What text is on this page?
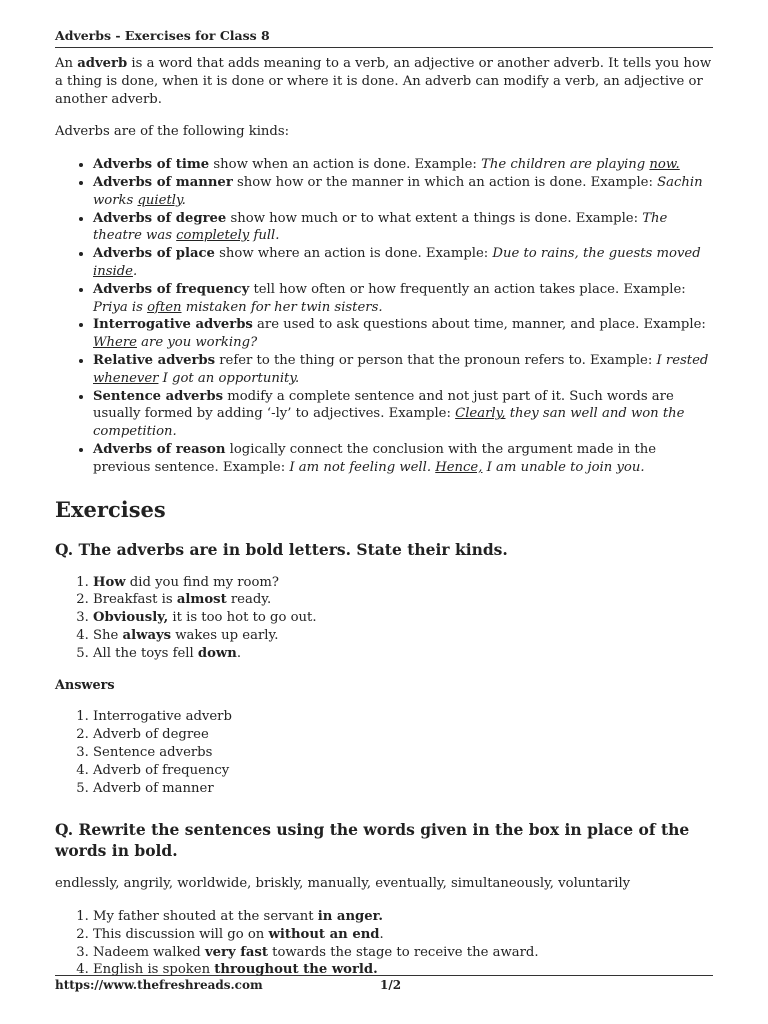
Adverbs - Exercises for Class 8

An adverb is a word that adds meaning to a verb, an adjective or another adverb. It tells you how a thing is done, when it is done or where it is done. An adverb can modify a verb, an adjective or another adverb.

Adverbs are of the following kinds:

• Adverbs of time show when an action is done. Example: The children are playing now.
• Adverbs of manner show how or the manner in which an action is done. Example: Sachin works quietly.
• Adverbs of degree show how much or to what extent a things is done. Example: The theatre was completely full.
• Adverbs of place show where an action is done. Example: Due to rains, the guests moved inside.
• Adverbs of frequency tell how often or how frequently an action takes place. Example: Priya is often mistaken for her twin sisters.
• Interrogative adverbs are used to ask questions about time, manner, and place. Example: Where are you working?
• Relative adverbs refer to the thing or person that the pronoun refers to. Example: I rested whenever I got an opportunity.
• Sentence adverbs modify a complete sentence and not just part of it. Such words are usually formed by adding ‘-ly’ to adjectives. Example: Clearly, they san well and won the competition.
• Adverbs of reason logically connect the conclusion with the argument made in the previous sentence. Example: I am not feeling well. Hence, I am unable to join you.
Exercises
Q. The adverbs are in bold letters. State their kinds.
1. How did you find my room?
2. Breakfast is almost ready.
3. Obviously, it is too hot to go out.
4. She always wakes up early.
5. All the toys fell down.

Answers

1. Interrogative adverb
2. Adverb of degree
3. Sentence adverbs
4. Adverb of frequency
5. Adverb of manner
Q. Rewrite the sentences using the words given in the box in place of the words in bold.

endlessly, angrily, worldwide, briskly, manually, eventually, simultaneously, voluntarily

1. My father shouted at the servant in anger.
2. This discussion will go on without an end.
3. Nadeem walked very fast towards the stage to receive the award.
4. English is spoken throughout the world.
https://www.thefreshreads.com	1/2
